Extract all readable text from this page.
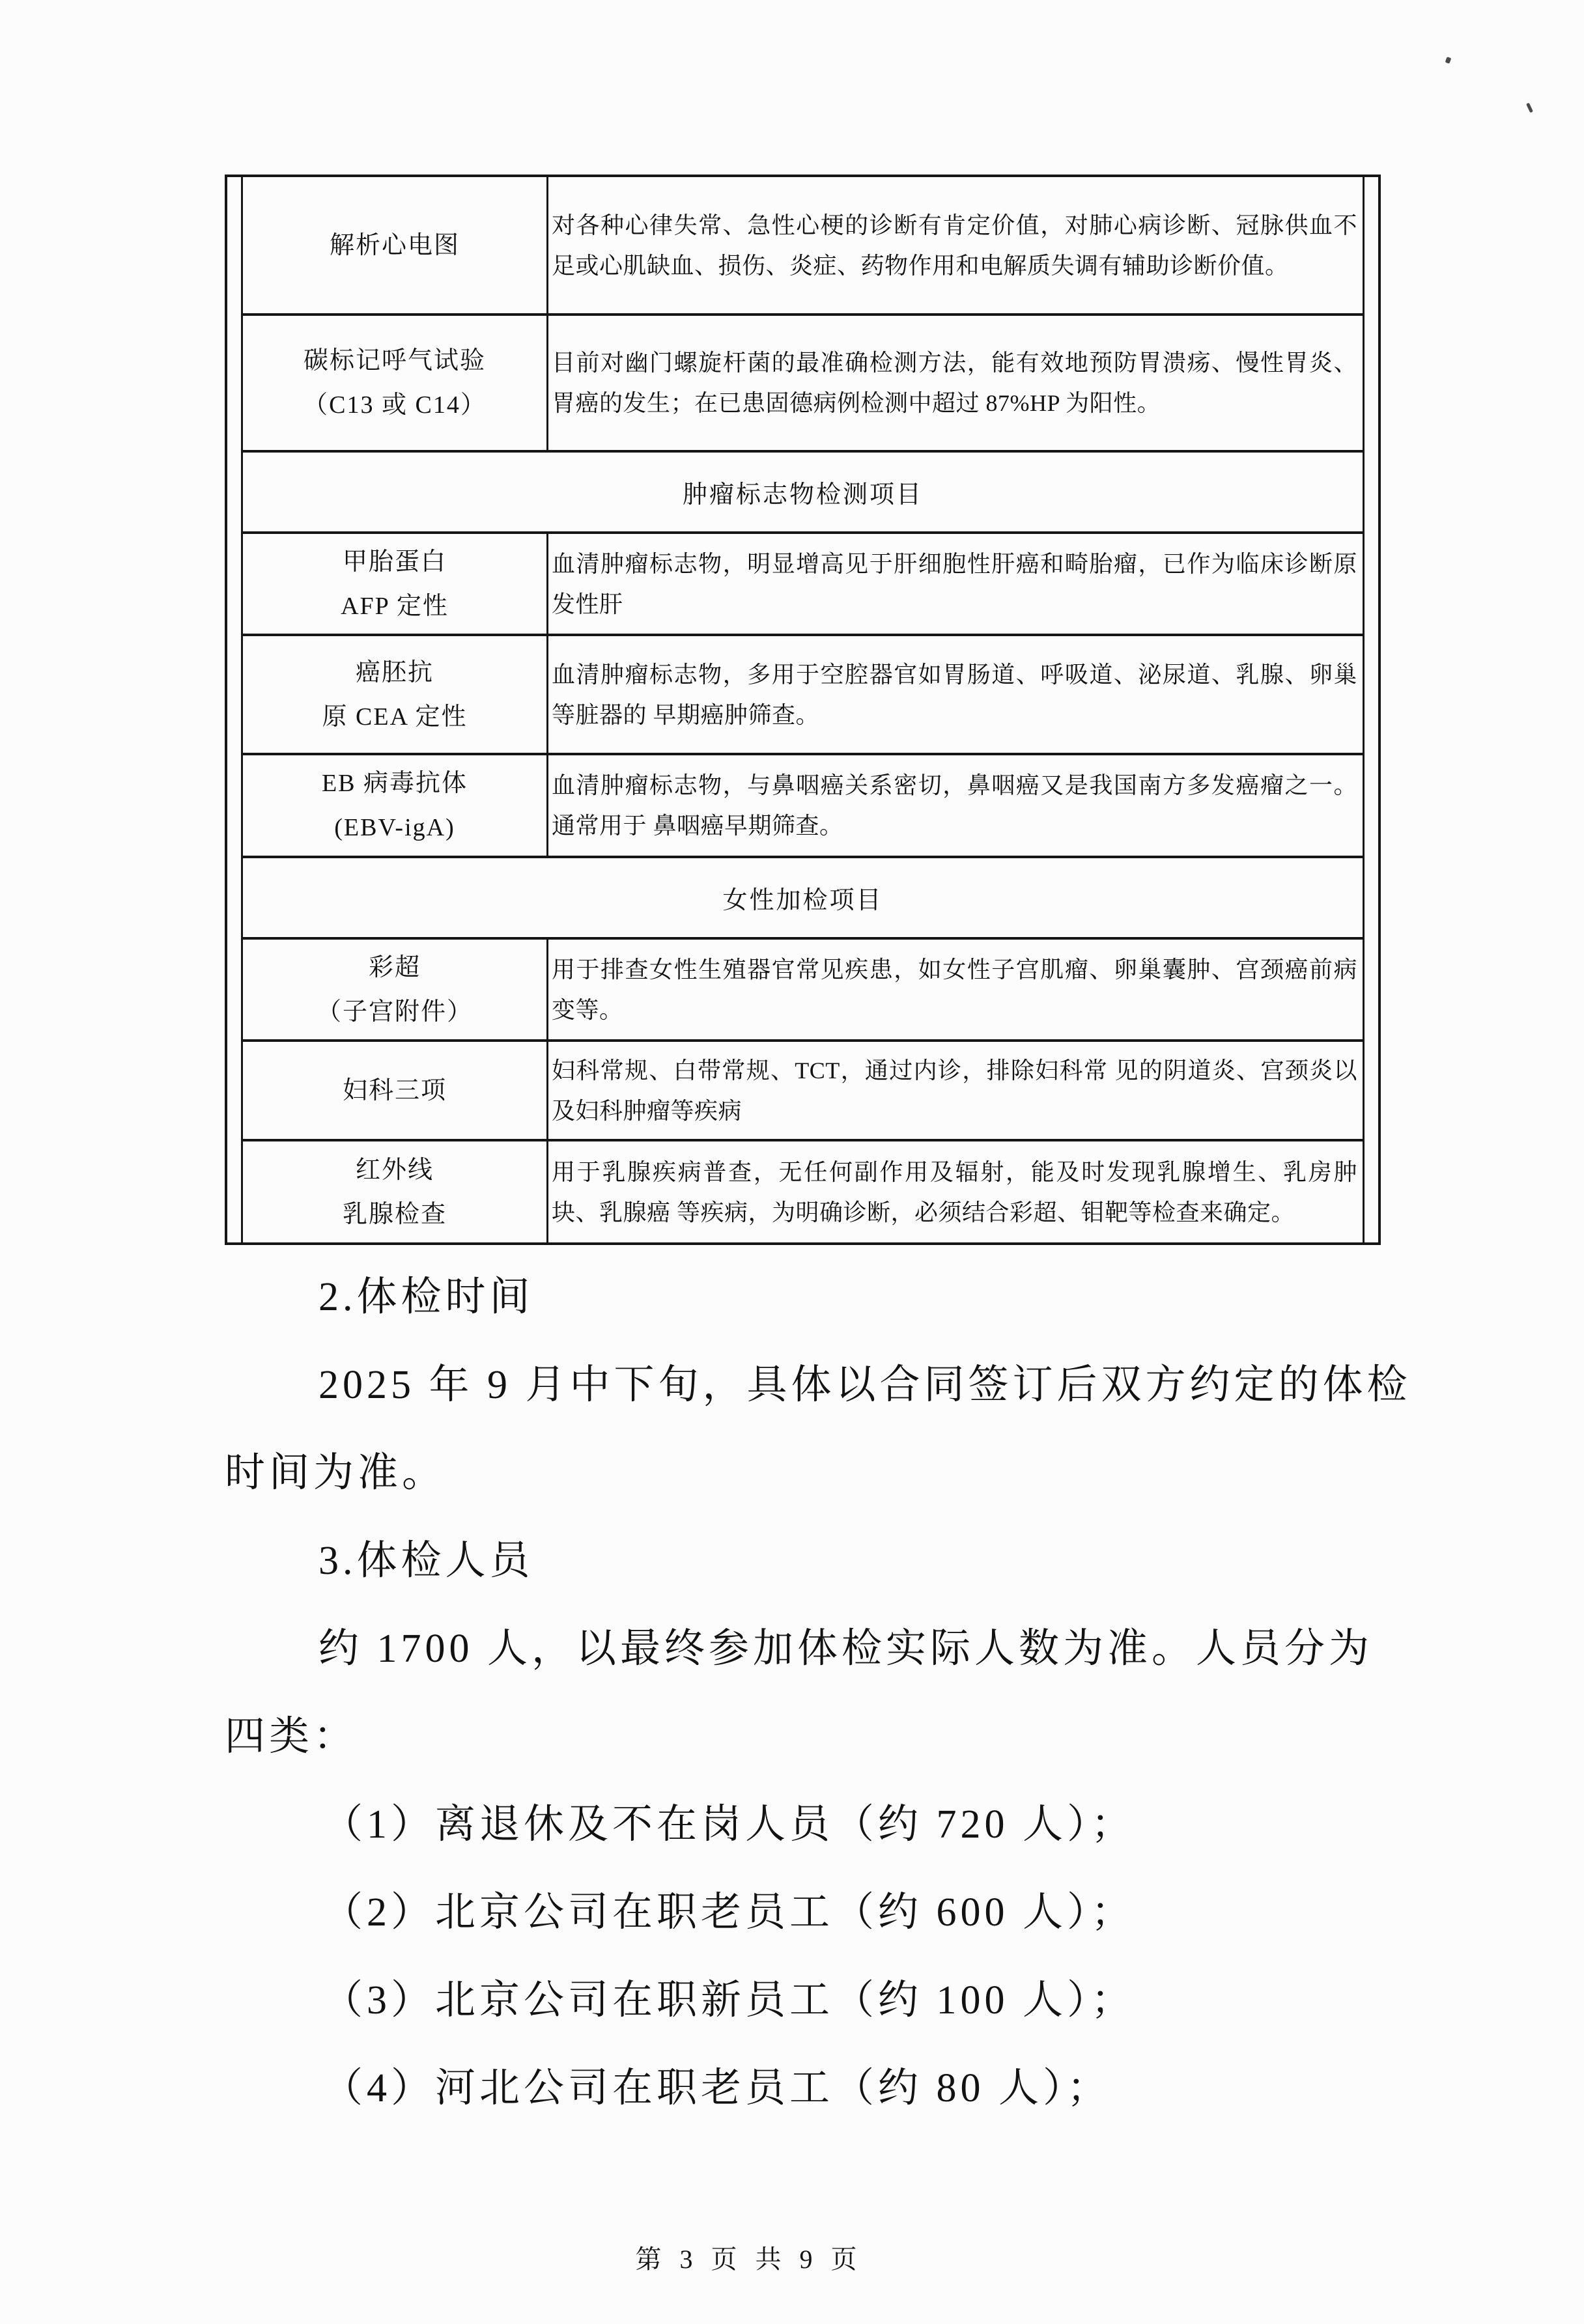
解析心电图
对各种心律失常、急性心梗的诊断有肯定价值，对肺心病诊断、冠脉供血不足或心肌缺血、损伤、炎症、药物作用和电解质失调有辅助诊断价值。
碳标记呼气试验
（C13 或 C14）
目前对幽门螺旋杆菌的最准确检测方法，能有效地预防胃溃疡、慢性胃炎、胃癌的发生；在已患固德病例检测中超过 87%HP 为阳性。
肿瘤标志物检测项目
甲胎蛋白
AFP 定性
血清肿瘤标志物，明显增高见于肝细胞性肝癌和畸胎瘤，已作为临床诊断原发性肝
癌胚抗
原 CEA 定性
血清肿瘤标志物，多用于空腔器官如胃肠道、呼吸道、泌尿道、乳腺、卵巢等脏器的 早期癌肿筛查。
EB 病毒抗体
(EBV-igA)
血清肿瘤标志物，与鼻咽癌关系密切，鼻咽癌又是我国南方多发癌瘤之一。通常用于 鼻咽癌早期筛查。
女性加检项目
彩超
（子宫附件）
用于排查女性生殖器官常见疾患，如女性子宫肌瘤、卵巢囊肿、宫颈癌前病变等。
妇科三项
妇科常规、白带常规、TCT，通过内诊，排除妇科常 见的阴道炎、宫颈炎以及妇科肿瘤等疾病
红外线
乳腺检查
用于乳腺疾病普查，无任何副作用及辐射，能及时发现乳腺增生、乳房肿块、乳腺癌 等疾病，为明确诊断，必须结合彩超、钼靶等检查来确定。
2.体检时间
2025 年 9 月中下旬，具体以合同签订后双方约定的体检
时间为准。
3.体检人员
约 1700 人，以最终参加体检实际人数为准。人员分为
四类：
（1）离退休及不在岗人员（约 720 人）；
（2）北京公司在职老员工（约 600 人）；
（3）北京公司在职新员工（约 100 人）；
（4）河北公司在职老员工（约 80 人）；
第 3 页 共 9 页
